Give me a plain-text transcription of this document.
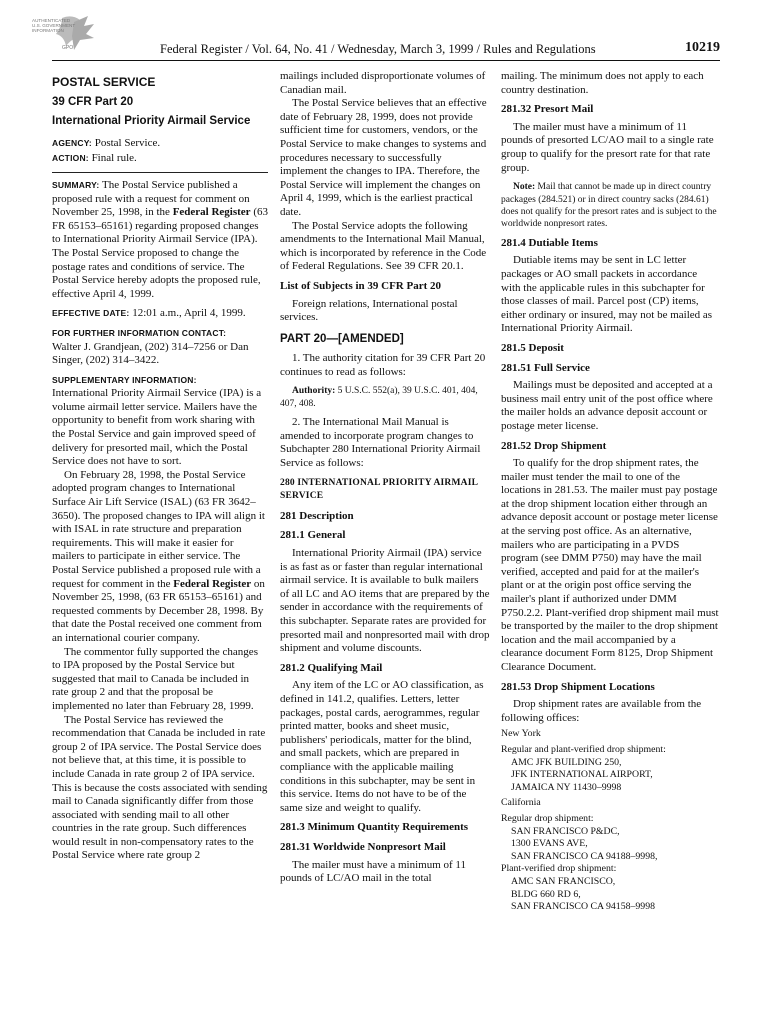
AUTHENTICATED
U.S. GOVERNMENT
INFORMATION
GPO	Federal Register / Vol. 64, No. 41 / Wednesday, March 3, 1999 / Rules and Regulations	10219
POSTAL SERVICE
39 CFR Part 20
International Priority Airmail Service

AGENCY: Postal Service.

ACTION: Final rule.

SUMMARY: The Postal Service published a proposed rule with a request for comment on November 25, 1998, in the Federal Register (63 FR 65153–65161) regarding proposed changes to International Priority Airmail Service (IPA). The Postal Service proposed to change the postage rates and conditions of service. The Postal Service hereby adopts the proposed rule, effective April 4, 1999.

EFFECTIVE DATE: 12:01 a.m., April 4, 1999.

FOR FURTHER INFORMATION CONTACT:
Walter J. Grandjean, (202) 314–7256 or Dan Singer, (202) 314–3422.

SUPPLEMENTARY INFORMATION:
International Priority Airmail Service (IPA) is a volume airmail letter service. Mailers have the opportunity to benefit from work sharing with the Postal Service and gain improved speed of delivery for presorted mail, which the Postal Service does not have to sort.

On February 28, 1998, the Postal Service adopted program changes to International Surface Air Lift Service (ISAL) (63 FR 3642–3650). The proposed changes to IPA will align it with ISAL in rate structure and preparation requirements. This will make it easier for mailers to participate in either service. The Postal Service published a proposed rule with a request for comment in the Federal Register on November 25, 1998, (63 FR 65153–65161) and requested comments by December 28, 1998. By that date the Postal received one comment from an international courier company.

The commentor fully supported the changes to IPA proposed by the Postal Service but suggested that mail to Canada be included in rate group 2 and that the proposal be implemented no later than February 28, 1999.

The Postal Service has reviewed the recommendation that Canada be included in rate group 2 of IPA service. The Postal Service does not believe that, at this time, it is possible to include Canada in rate group 2 of IPA service. This is because the costs associated with sending mail to Canada significantly differ from those associated with sending mail to all other countries in the rate group. Such differences would result in non-compensatory rates to the Postal Service where rate group 2

mailings included disproportionate volumes of Canadian mail.

The Postal Service believes that an effective date of February 28, 1999, does not provide sufficient time for customers, vendors, or the Postal Service to make changes to systems and procedures necessary to successfully implement the changes to IPA. Therefore, the Postal Service will implement the changes on April 4, 1999, which is the earliest practical date.

The Postal Service adopts the following amendments to the International Mail Manual, which is incorporated by reference in the Code of Federal Regulations. See 39 CFR 20.1.

List of Subjects in 39 CFR Part 20

Foreign relations, International postal services.

PART 20—[AMENDED]

1. The authority citation for 39 CFR Part 20 continues to read as follows:

Authority: 5 U.S.C. 552(a), 39 U.S.C. 401, 404, 407, 408.

2. The International Mail Manual is amended to incorporate program changes to Subchapter 280 International Priority Airmail Service as follows:

280 INTERNATIONAL PRIORITY AIRMAIL SERVICE
281 Description
281.1 General

International Priority Airmail (IPA) service is as fast as or faster than regular international airmail service. It is available to bulk mailers of all LC and AO items that are prepared by the sender in accordance with the requirements of this subchapter. Separate rates are provided for presorted mail and nonpresorted mail with drop shipment and volume discounts.

281.2 Qualifying Mail

Any item of the LC or AO classification, as defined in 141.2, qualifies. Letters, letter packages, postal cards, aerogrammes, regular printed matter, books and sheet music, publishers' periodicals, matter for the blind, and small packets, which are prepared in compliance with the applicable mailing conditions in this subchapter, may be sent in this service. Items do not have to be of the same size and weight to qualify.

281.3 Minimum Quantity Requirements
281.31 Worldwide Nonpresort Mail

The mailer must have a minimum of 11 pounds of LC/AO mail in the total

mailing. The minimum does not apply to each country destination.

281.32 Presort Mail

The mailer must have a minimum of 11 pounds of presorted LC/AO mail to a single rate group to qualify for the presort rate for that rate group.

Note: Mail that cannot be made up in direct country packages (284.521) or in direct country sacks (284.61) does not qualify for the presort rates and is subject to the worldwide nonpresort rates.

281.4 Dutiable Items

Dutiable items may be sent in LC letter packages or AO small packets in accordance with the applicable rules in this subchapter for those classes of mail. Parcel post (CP) items, either ordinary or insured, may not be mailed as International Priority Airmail.

281.5 Deposit
281.51 Full Service

Mailings must be deposited and accepted at a business mail entry unit of the post office where the mailer holds an advance deposit account or postage meter license.

281.52 Drop Shipment

To qualify for the drop shipment rates, the mailer must tender the mail to one of the locations in 281.53. The mailer must pay postage at the drop shipment location either through an advance deposit account or postage meter license at the serving post office. As an alternative, mailers who are participating in a PVDS program (see DMM P750) may have the mail verified, accepted and paid for at the mailer's plant or at the origin post office serving the mailer's plant if authorized under DMM P750.2.2. Plant-verified drop shipment mail must be transported by the mailer to the drop shipment location and the mail accompanied by a clearance document Form 8125, Drop Shipment Clearance Document.

281.53 Drop Shipment Locations

Drop shipment rates are available from the following offices:

New York
Regular and plant-verified drop shipment:
AMC JFK BUILDING 250,
JFK INTERNATIONAL AIRPORT,
JAMAICA NY 11430–9998
California
Regular drop shipment:
SAN FRANCISCO P&DC,
1300 EVANS AVE,
SAN FRANCISCO CA 94188–9998,
Plant-verified drop shipment:
AMC SAN FRANCISCO,
BLDG 660 RD 6,
SAN FRANCISCO CA 94158–9998
